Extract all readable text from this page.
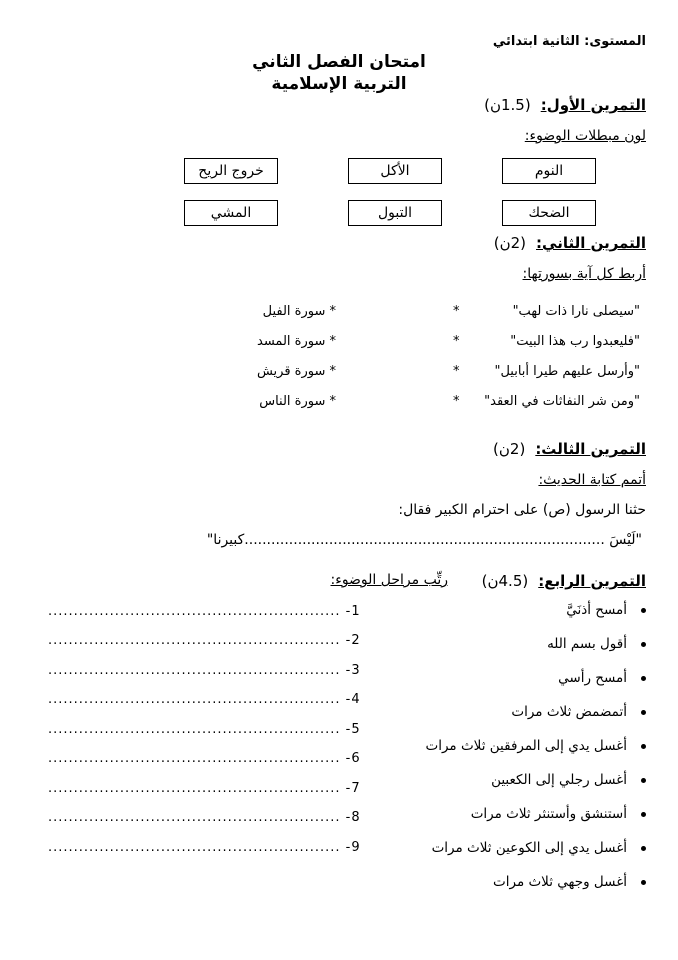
المستوى: الثانية ابتدائي
امتحان الفصل الثاني
التربية الإسلامية
التمرين الأول:(1.5ن)
لون مبطلات الوضوء:
النوم
الأكل
خروج الريح
الضحك
التبول
المشي
التمرين الثاني:(2ن)
أربط كل آية بسورتها:
"سيصلى نارا ذات لهب"
*
* سورة الفيل
"فليعبدوا رب هذا البيت"
*
* سورة المسد
"وأرسل عليهم طيرا أبابيل"
*
* سورة قريش
"ومن شر النفاثات في العقد"
*
* سورة الناس
التمرين الثالث:(2ن)
أتمم كتابة الحديث:
حثنا الرسول (ص) على احترام الكبير فقال:
"لَيْسَ .................................................................................كبيرنا"
التمرين الرابع:(4.5ن)
رتِّب مراحل الوضوء:
أمسح أذنَيَّ
أقول بسم الله
أمسح رأسي
أتمضمض ثلاث مرات
أغسل يدي إلى المرفقين ثلاث مرات
أغسل رجلي إلى الكعبين
أستنشق وأستنثر ثلاث مرات
أغسل يدي إلى الكوعين ثلاث مرات
أغسل وجهي ثلاث مرات
......................................................... -1
......................................................... -2
......................................................... -3
......................................................... -4
......................................................... -5
......................................................... -6
......................................................... -7
......................................................... -8
......................................................... -9
